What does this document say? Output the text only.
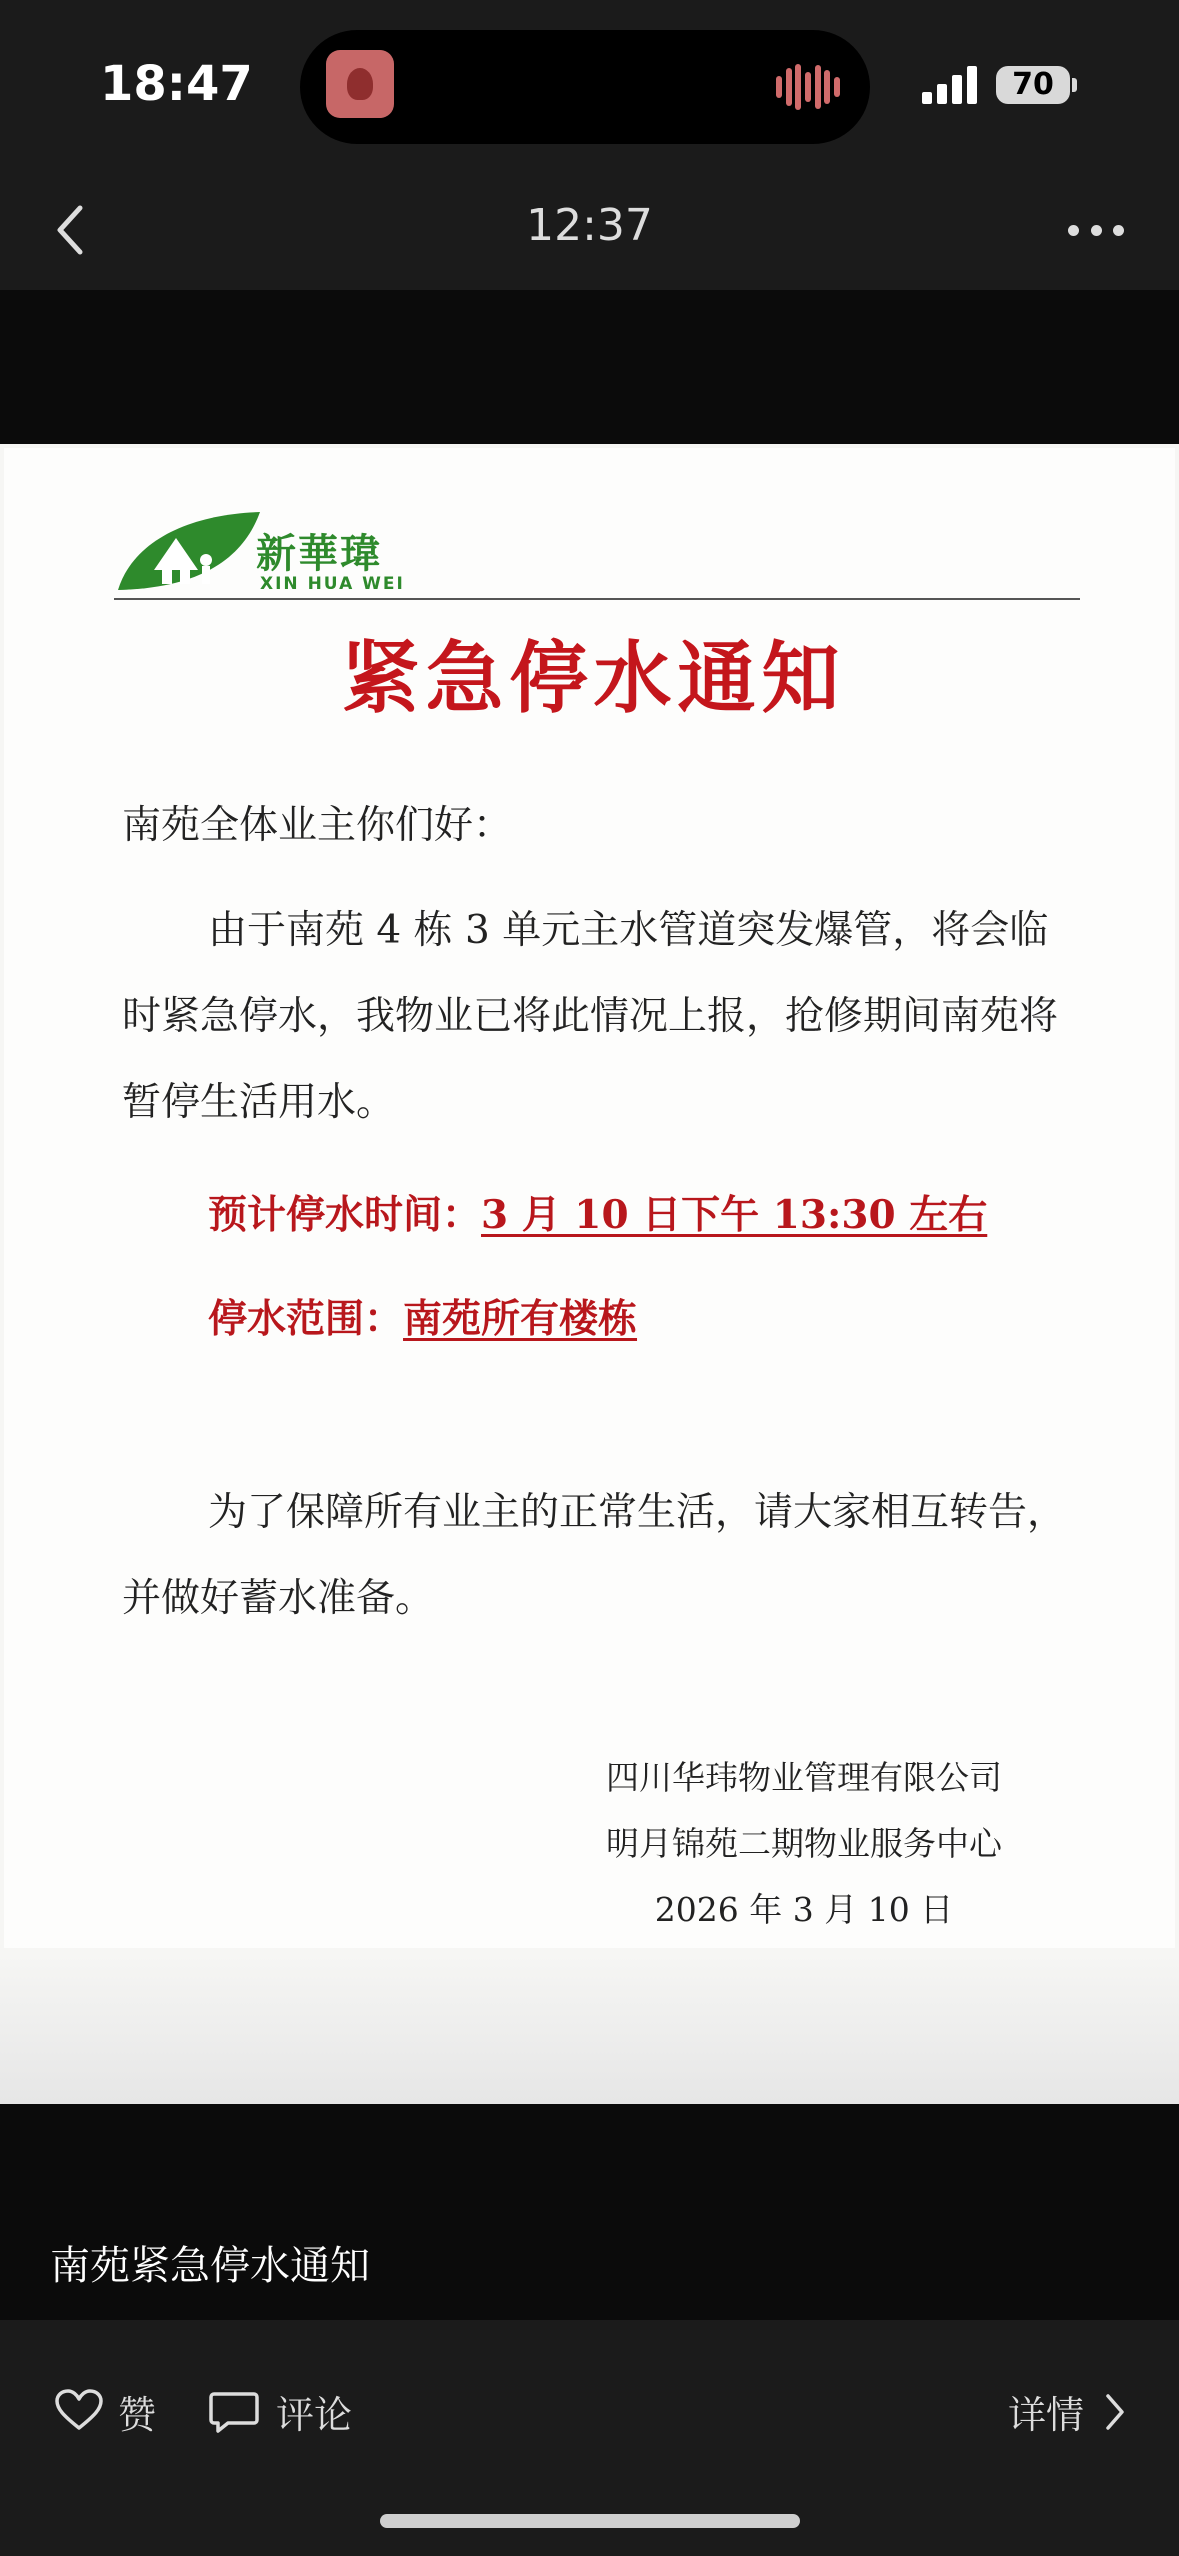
18:47	70
12:37
新華瑋
XIN HUA WEI
紧急停水通知
南苑全体业主你们好：
由于南苑 4 栋 3 单元主水管道突发爆管，将会临时紧急停水，我物业已将此情况上报，抢修期间南苑将暂停生活用水。
预计停水时间：3 月 10 日下午 13:30 左右
停水范围：南苑所有楼栋
为了保障所有业主的正常生活，请大家相互转告，并做好蓄水准备。
四川华玮物业管理有限公司
明月锦苑二期物业服务中心
2026 年 3 月 10 日
南苑紧急停水通知
赞	评论	详情
